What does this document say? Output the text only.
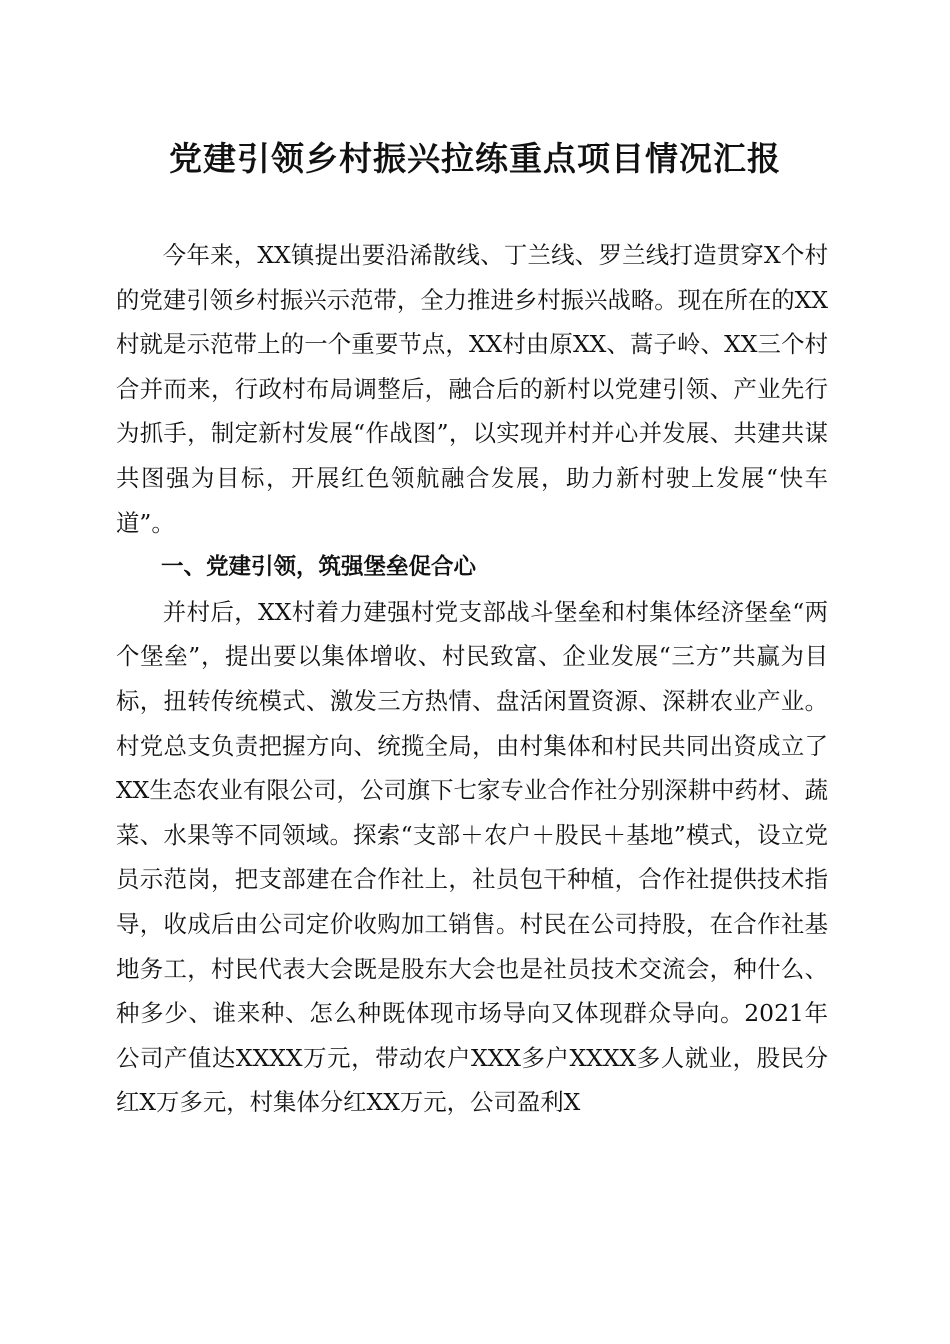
党建引领乡村振兴拉练重点项目情况汇报

今年来，XX镇提出要沿浠散线、丁兰线、罗兰线打造贯穿X个村的党建引领乡村振兴示范带，全力推进乡村振兴战略。现在所在的XX村就是示范带上的一个重要节点，XX村由原XX、蒿子岭、XX三个村合并而来，行政村布局调整后，融合后的新村以党建引领、产业先行为抓手，制定新村发展“作战图”，以实现并村并心并发展、共建共谋共图强为目标，开展红色领航融合发展，助力新村驶上发展“快车道”。

一、党建引领，筑强堡垒促合心

并村后，XX村着力建强村党支部战斗堡垒和村集体经济堡垒“两个堡垒”，提出要以集体增收、村民致富、企业发展“三方”共赢为目标，扭转传统模式、激发三方热情、盘活闲置资源、深耕农业产业。村党总支负责把握方向、统揽全局，由村集体和村民共同出资成立了XX生态农业有限公司，公司旗下七家专业合作社分别深耕中药材、蔬菜、水果等不同领域。探索“支部＋农户＋股民＋基地”模式，设立党员示范岗，把支部建在合作社上，社员包干种植，合作社提供技术指导，收成后由公司定价收购加工销售。村民在公司持股，在合作社基地务工，村民代表大会既是股东大会也是社员技术交流会，种什么、种多少、谁来种、怎么种既体现市场导向又体现群众导向。2021年公司产值达XXXX万元，带动农户XXX多户XXXX多人就业，股民分红X万多元，村集体分红XX万元，公司盈利X
